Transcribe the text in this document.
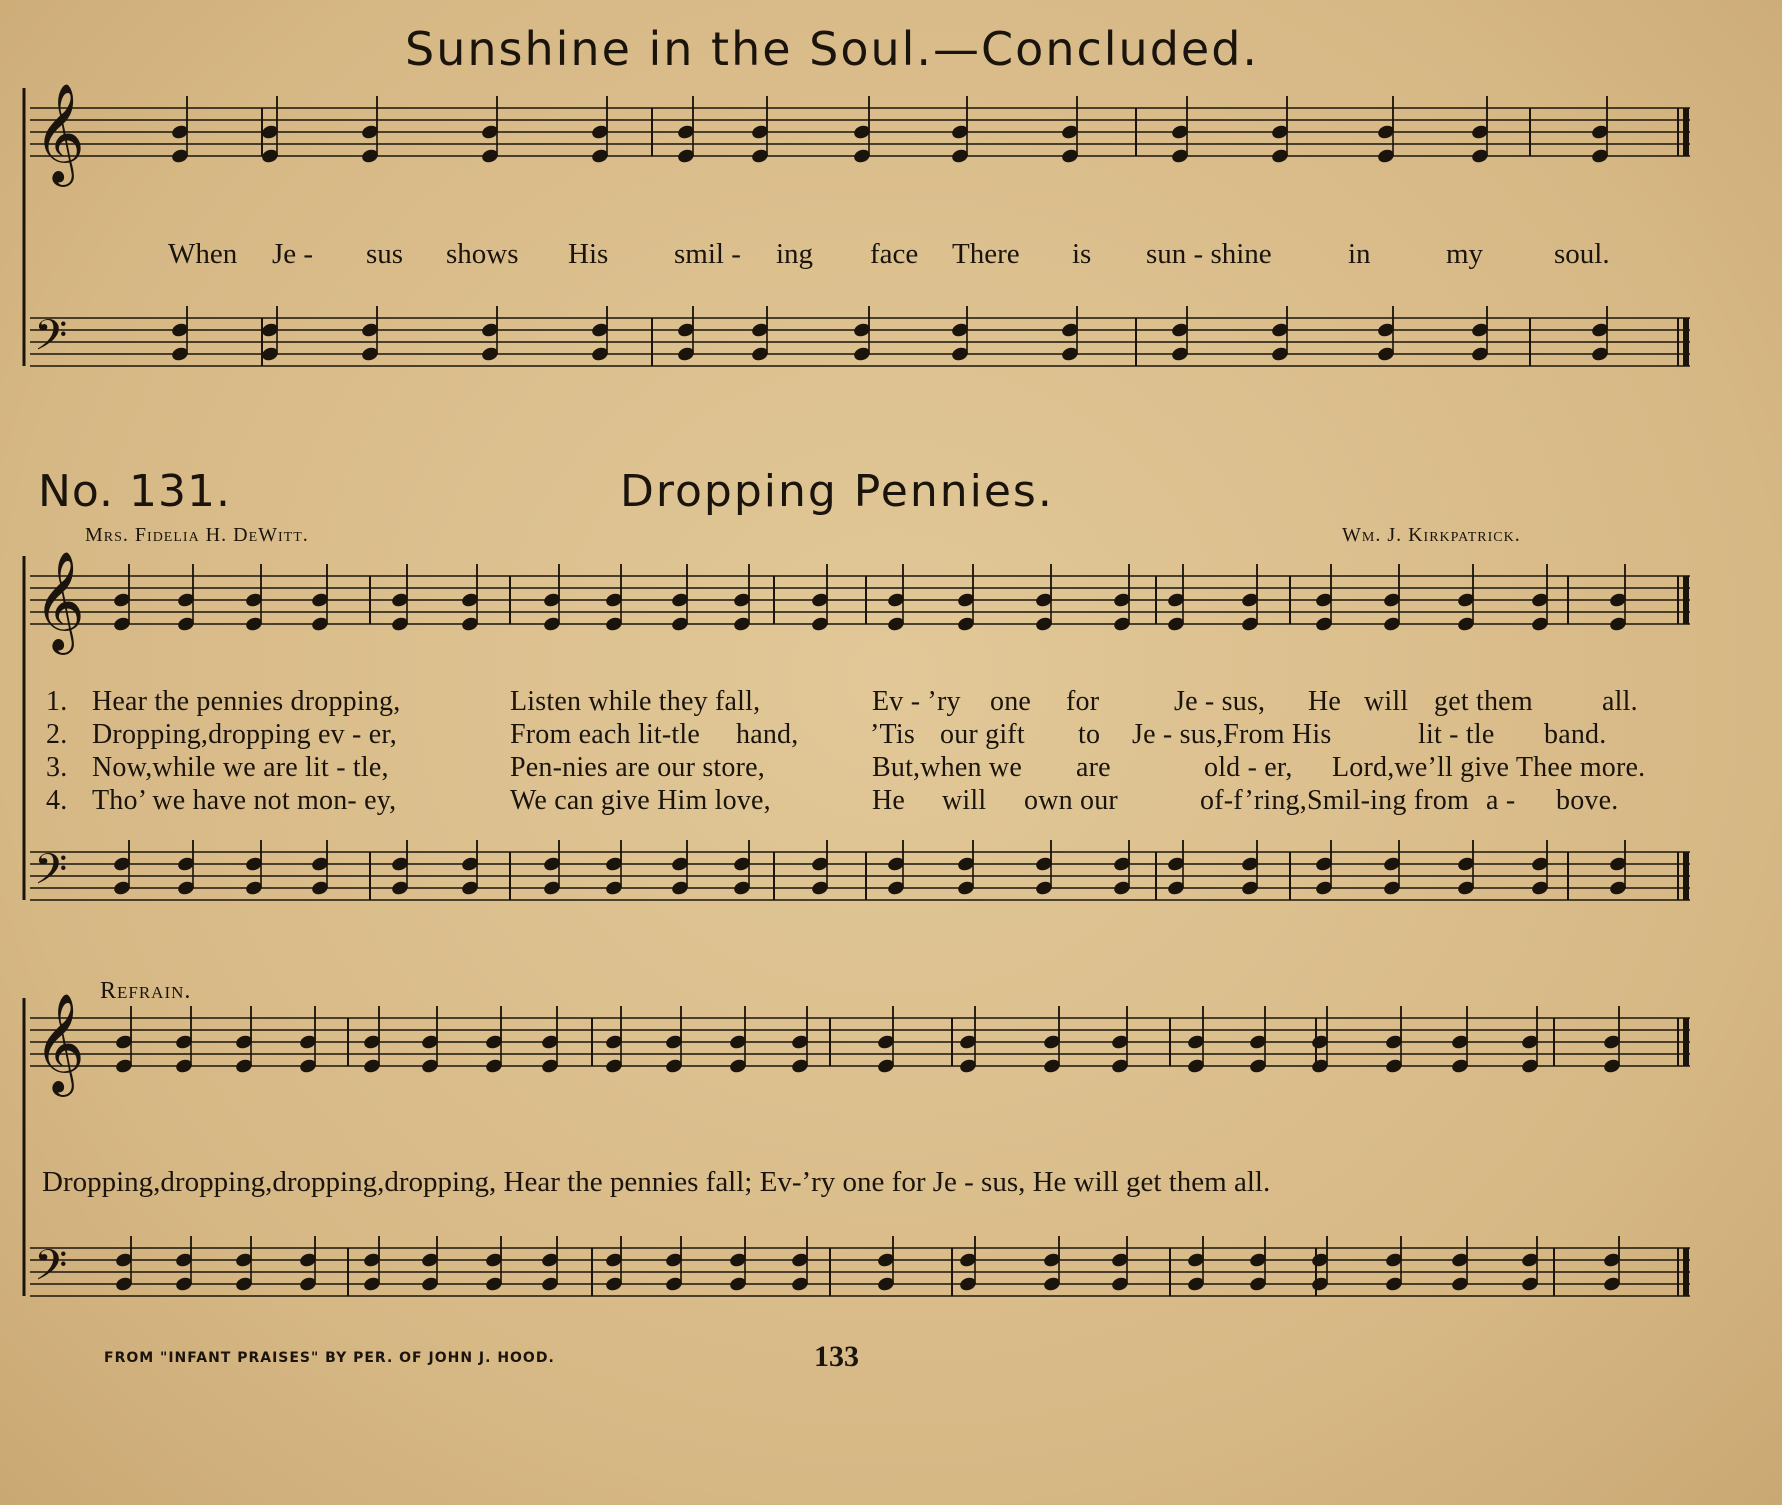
𝄞
𝄢
𝄞
𝄢
𝄞
𝄢
Sunshine in the Soul.—Concluded.
When Je - sus shows His smil - ing face There is sun - shine	in	my soul.
No. 131.	Dropping Pennies.
Mrs. Fidelia H. DeWitt.	Wm. J. Kirkpatrick.
1. Hear the pennies dropping,	Listen while they fall,	Ev - ’ry one for	Je - sus, He will get them all.
2. Dropping,dropping ev - er,	From each lit-tle hand,	’Tis our gift to Je - sus,From His	lit - tle band.
3. Now,while we are lit - tle,	Pen-nies are our store,	But,when we are	old - er, Lord,we’ll give Thee more.
4. Tho’ we have not mon- ey,	We can give Him love,	He will own our	of-f’ring,Smil-ing from a - bove.
Refrain.
Dropping,dropping,dropping,dropping, Hear the pennies fall; Ev-’ry one for Je - sus, He will get them all.
FROM "INFANT PRAISES" BY PER. OF JOHN J. HOOD.	133
